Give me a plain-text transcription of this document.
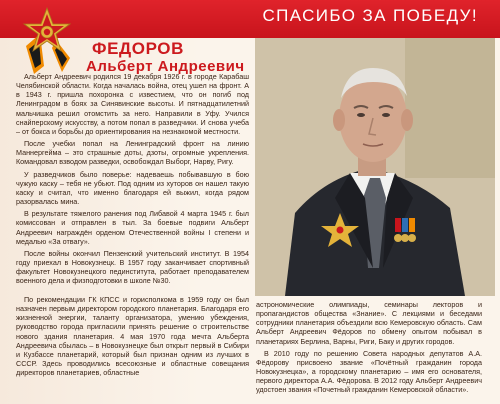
СПАСИБО ЗА ПОБЕДУ!
ФЕДОРОВ
Альберт Андреевич

Альберт Андреевич родился 19 декабря 1926 г. в городе Карабаш Челябинской области. Когда началась война, отец ушел на фронт. А в 1943 г. пришла похоронка с известием, что он погиб под Ленинградом в боях за Синявинские высоты. И пятнадцатилетний мальчишка решил отомстить за него. Направили в Уфу. Учился снайперскому искусству, а потом попал в разведчики. И снова учеба – от бокса и борьбы до ориентирования на незнакомой местности.

После учебки попал на Ленинградский фронт на линию Маннергейма – это страшные доты, дзоты, огромные укрепления. Командовал взводом разведки, освобождал Выборг, Нарву, Ригу.

У разведчиков было поверье: надеваешь побывавшую в бою чужую каску – тебя не убьют. Под одним из хуторов он нашел такую каску и считал, что именно благодаря ей выжил, когда рядом разорвалась мина.

В результате тяжелого ранения под Либавой 4 марта 1945 г. был комиссован и отправлен в тыл. За боевые подвиги Альберт Андреевич награждён орденом Отечественной войны I степени и медалью «За отвагу».

После войны окончил Пензенский учительский институт. В 1954 году приехал в Новокузнецк. В 1957 году заканчивает спортивный факультет Новокузнецкого пединститута, работает преподавателем военного дела и физподготовки в школе №30.

По рекомендации ГК КПСС и горисполкома в 1959 году он был назначен первым директором городского планетария. Благодаря его жизненной энергии, таланту организатора, умению убеждения, руководство города пригласили принять решение о строительстве нового здания планетария. 4 мая 1970 года мечта Альберта Андреевича сбылась – в Новокузнецке был открыт первый в Сибири и Кузбассе планетарий, который был признан одним из лучших в СССР. Здесь проводились всесоюзные и областные совещания директоров планетариев, областные

астрономические олимпиады, семинары лекторов и пропагандистов общества «Знание». С лекциями и беседами сотрудники планетария объездили всю Кемеровскую область. Сам Альберт Андреевич Фёдоров по обмену опытом побывал в планетариях Берлина, Варны, Риги, Баку и других городов.

В 2010 году по решению Совета народных депутатов А.А. Фёдорову присвоено звание «Почётный гражданин города Новокузнецка», а городскому планетарию – имя его основателя, первого директора А.А. Фёдорова. В 2012 году Альберт Андреевич удостоен звания «Почетный гражданин Кемеровской области».
